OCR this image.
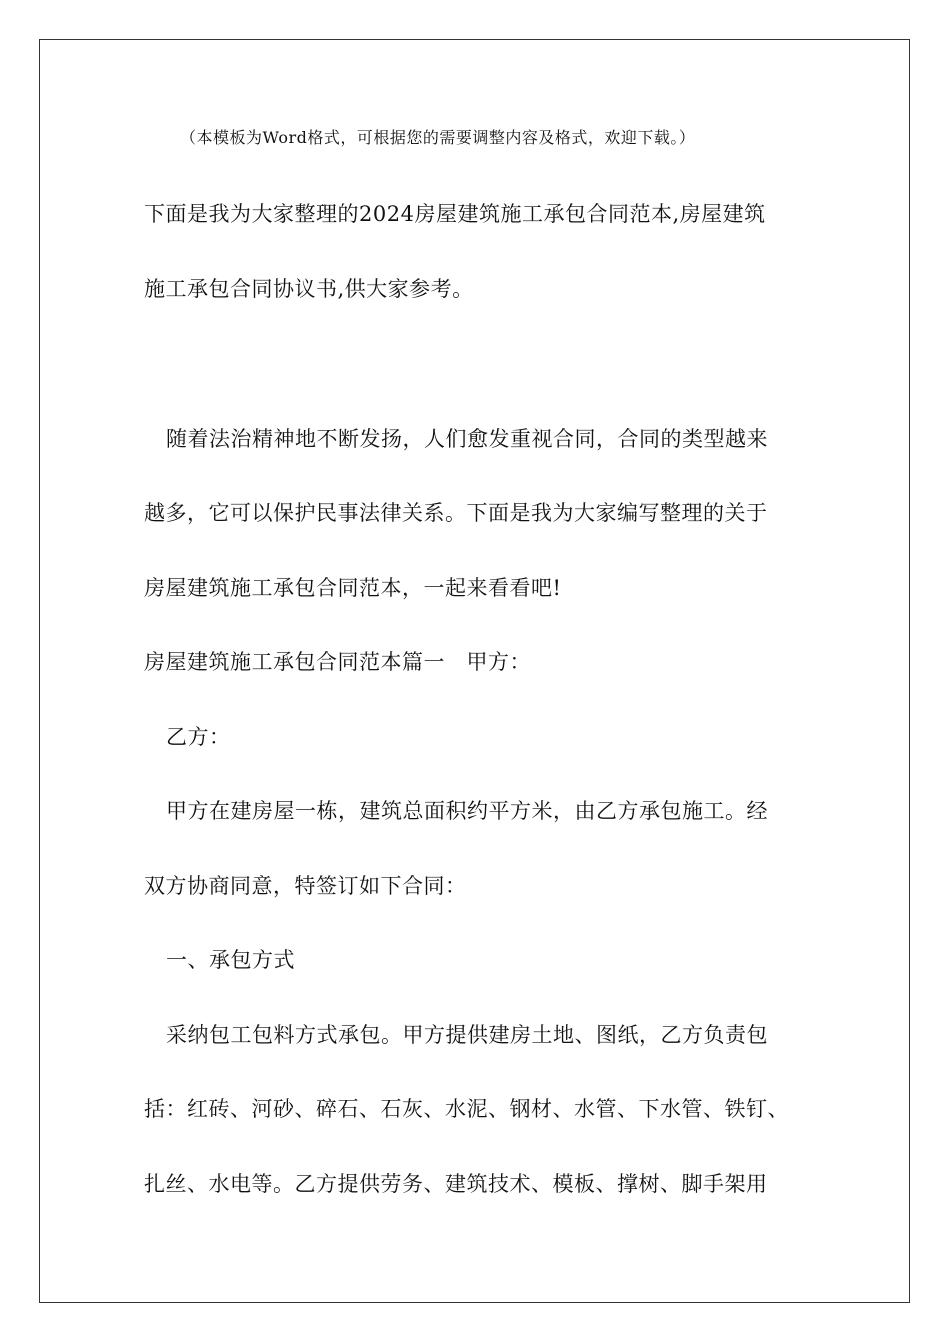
（本模板为Word格式，可根据您的需要调整内容及格式，欢迎下载。）
下面是我为大家整理的2024房屋建筑施工承包合同范本,房屋建筑
施工承包合同协议书,供大家参考。
随着法治精神地不断发扬，人们愈发重视合同，合同的类型越来
越多，它可以保护民事法律关系。下面是我为大家编写整理的关于
房屋建筑施工承包合同范本，一起来看看吧!
房屋建筑施工承包合同范本篇一　甲方：
乙方：
甲方在建房屋一栋，建筑总面积约平方米，由乙方承包施工。经
双方协商同意，特签订如下合同：
一、承包方式
采纳包工包料方式承包。甲方提供建房土地、图纸，乙方负责包
括：红砖、河砂、碎石、石灰、水泥、钢材、水管、下水管、铁钉、
扎丝、水电等。乙方提供劳务、建筑技术、模板、撑树、脚手架用
